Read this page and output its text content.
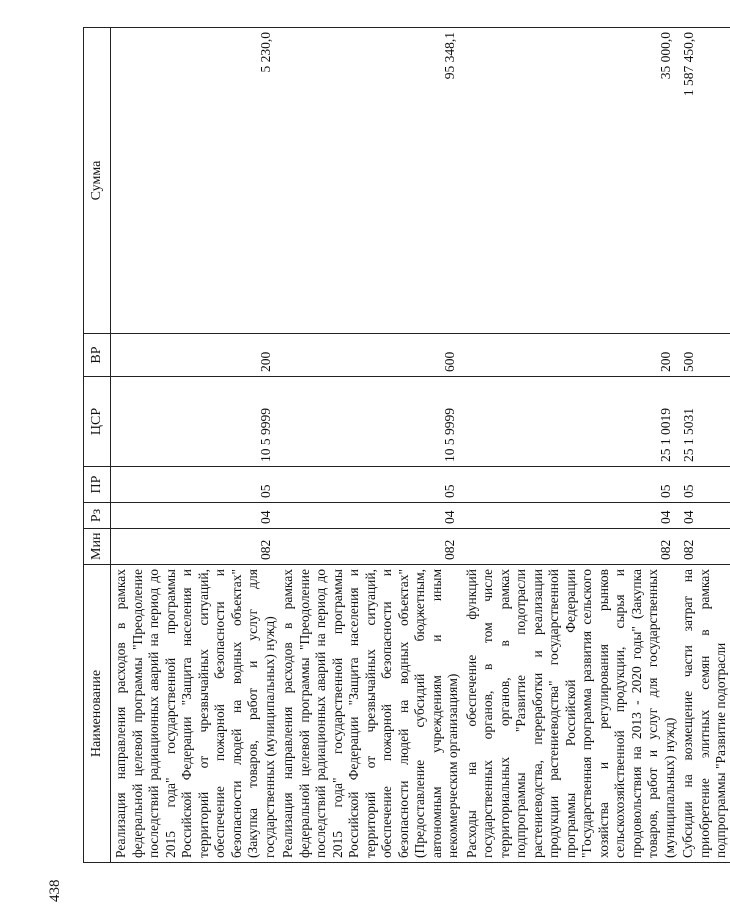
438
Наименование	Мин	Рз	ПР	ЦСР	ВР	Сумма
Реализация направления расходов в рамках федеральной целевой программы "Преодоление последствий радиационных аварий на период до 2015 года" государственной программы Российской Федерации "Защита населения и территорий от чрезвычайных ситуаций, обеспечение пожарной безопасности и безопасности людей на водных объектах" (Закупка товаров, работ и услуг для государственных (муниципальных) нужд)	082	04	05	10 5 9999	200	5 230,0
Реализация направления расходов в рамках федеральной целевой программы "Преодоление последствий радиационных аварий на период до 2015 года" государственной программы Российской Федерации "Защита населения и территорий от чрезвычайных ситуаций, обеспечение пожарной безопасности и безопасности людей на водных объектах" (Предоставление субсидий бюджетным, автономным учреждениям и иным некоммерческим организациям)	082	04	05	10 5 9999	600	95 348,1
Расходы на обеспечение функций государственных органов, в том числе территориальных органов, в рамках подпрограммы "Развитие подотрасли растениеводства, переработки и реализации продукции растениеводства" государственной программы Российской Федерации "Государственная программа развития сельского хозяйства и регулирования рынков сельскохозяйственной продукции, сырья и продовольствия на 2013 - 2020 годы" (Закупка товаров, работ и услуг для государственных (муниципальных) нужд)	082	04	05	25 1 0019	200	35 000,0
Субсидии на возмещение части затрат на приобретение элитных семян в рамках подпрограммы "Развитие подотрасли	082	04	05	25 1 5031	500	1 587 450,0
